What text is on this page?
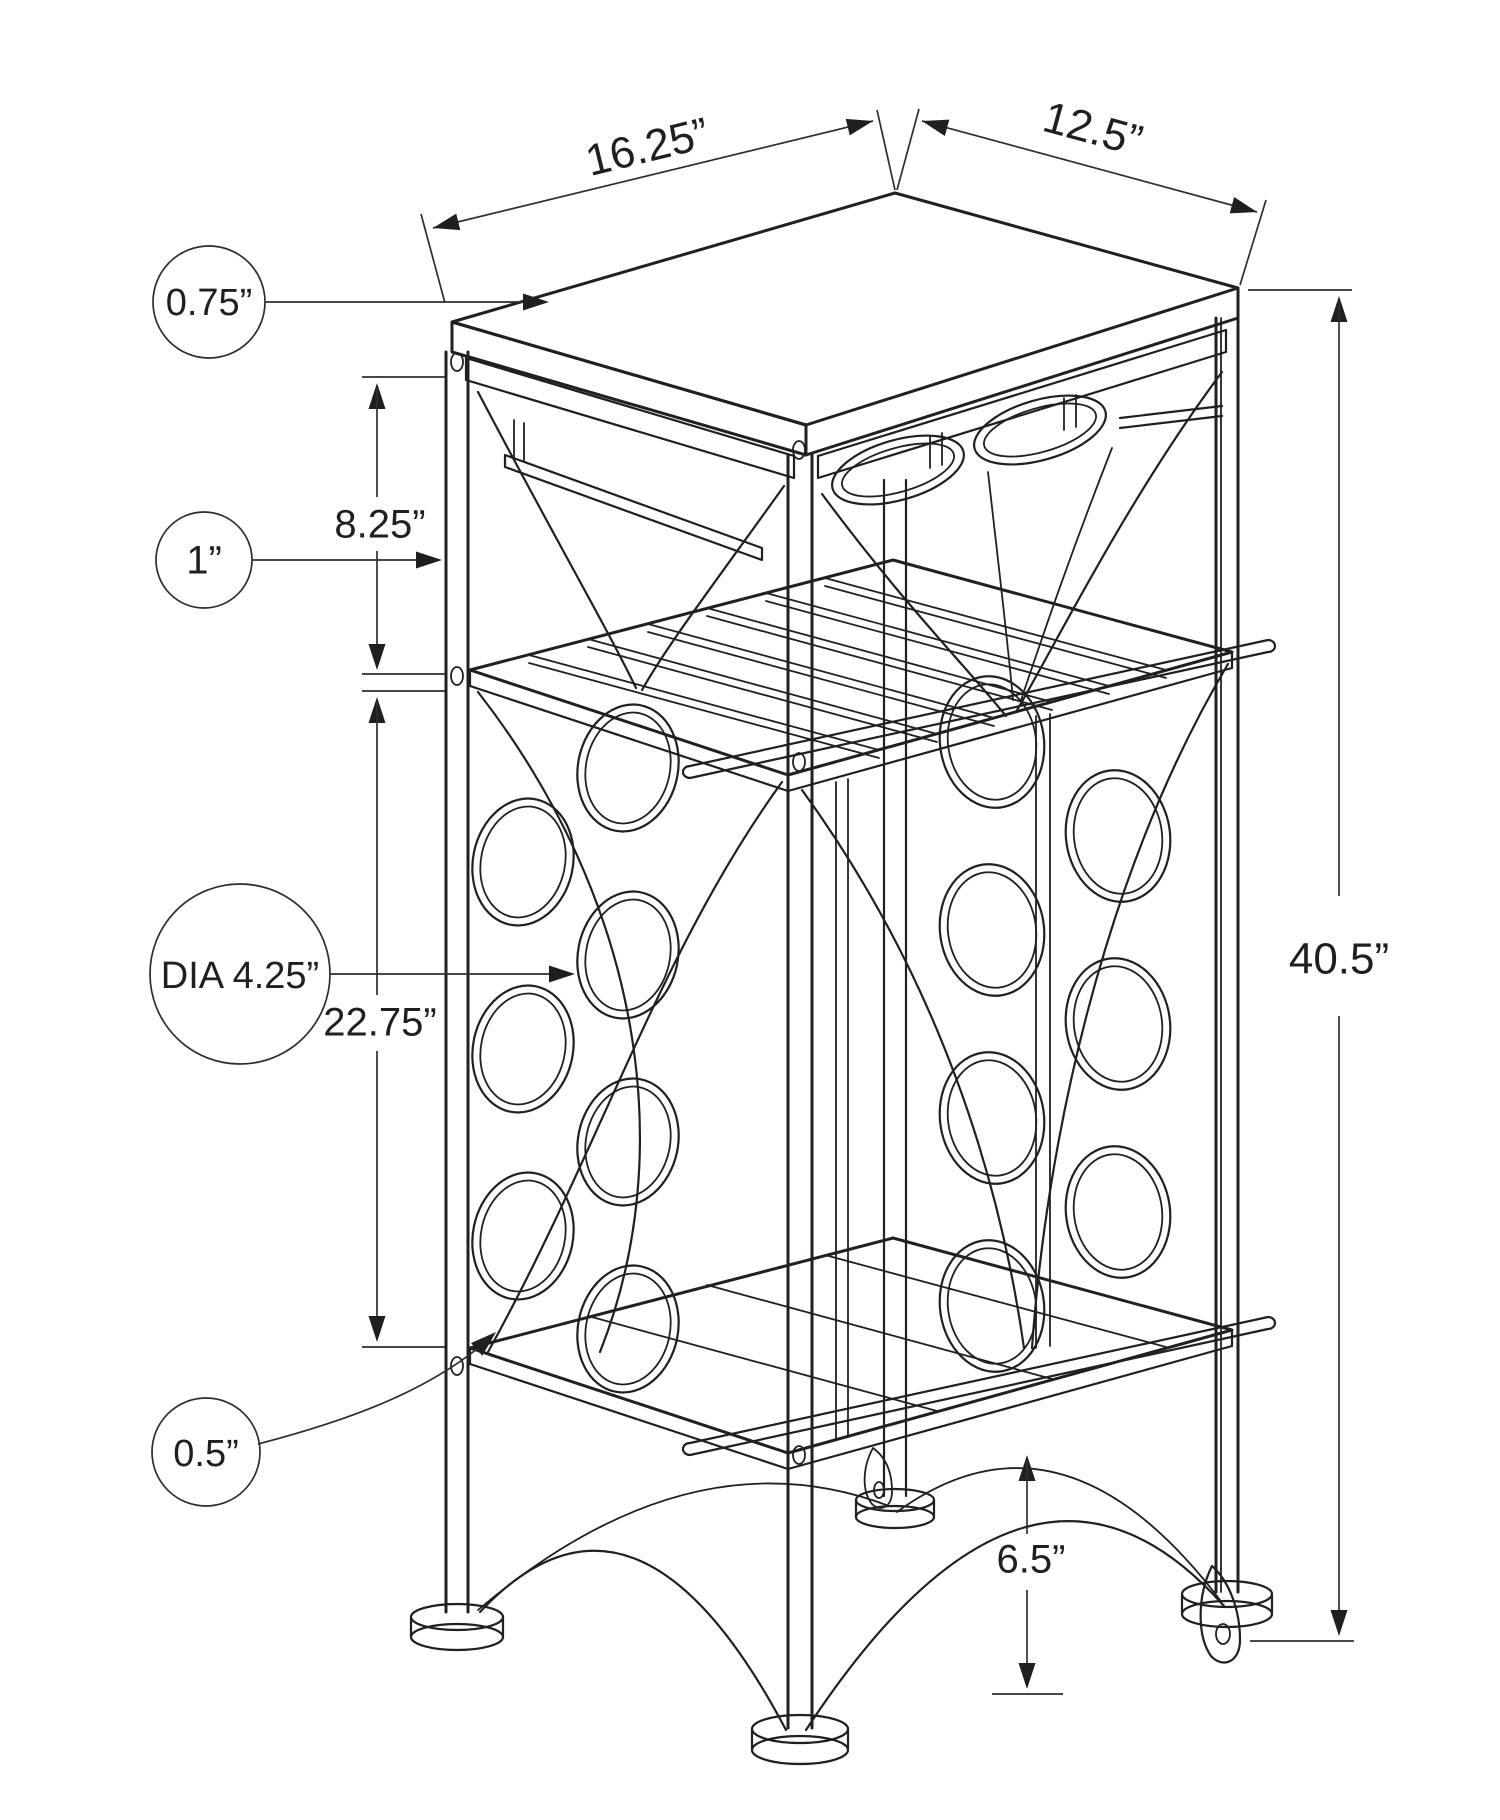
16.25”	12.5”
0.75”
8.25”
1”
22.75”
DIA 4.25”
0.5”
40.5”
6.5”
